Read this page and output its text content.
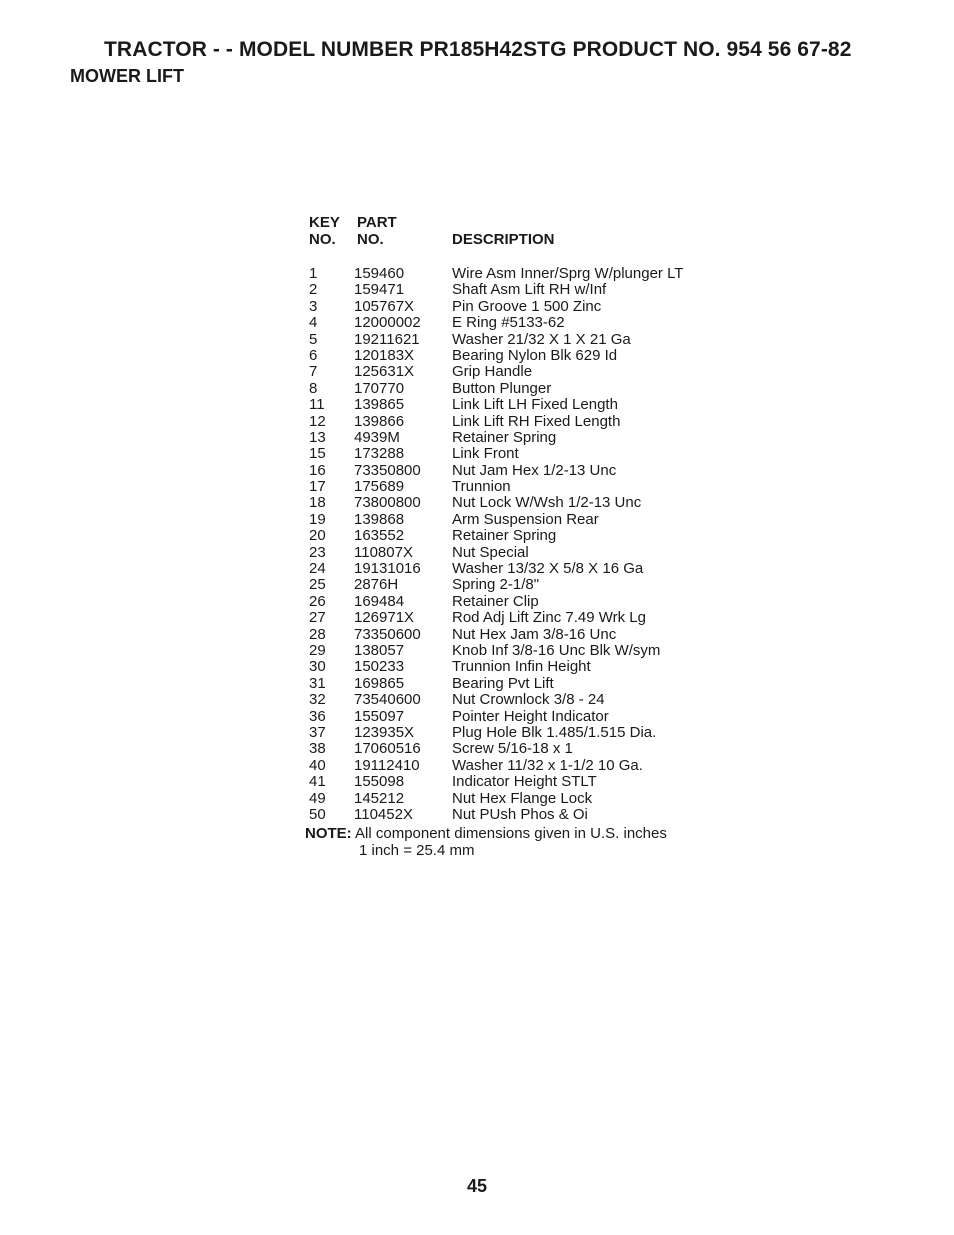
TRACTOR - - MODEL NUMBER PR185H42STG PRODUCT NO. 954 56 67-82
MOWER LIFT
KEY
NO.
PART
NO.	DESCRIPTION
1 159460	Wire Asm Inner/Sprg W/plunger LT
2 159471	Shaft Asm Lift RH w/Inf
3 105767X	Pin Groove 1 500 Zinc
4 12000002 E Ring #5133-62
5 19211621 Washer 21/32 X 1 X 21 Ga
6 120183X	Bearing Nylon Blk 629 Id
7 125631X	Grip Handle
8 170770	Button Plunger
11 139865	Link Lift LH Fixed Length
12 139866	Link Lift RH Fixed Length
13 4939M	Retainer Spring
15 173288	Link Front
16 73350800 Nut Jam Hex 1/2-13 Unc
17 175689	Trunnion
18 73800800 Nut Lock W/Wsh 1/2-13 Unc
19 139868	Arm Suspension Rear
20 163552	Retainer Spring
23 110807X	Nut Special
24 19131016 Washer 13/32 X 5/8 X 16 Ga
25 2876H	Spring 2-1/8"
26 169484	Retainer Clip
27 126971X	Rod Adj Lift Zinc 7.49 Wrk Lg
28 73350600 Nut Hex Jam 3/8-16 Unc
29 138057	Knob Inf 3/8-16 Unc Blk W/sym
30 150233	Trunnion Infin Height
31 169865	Bearing Pvt Lift
32 73540600 Nut Crownlock 3/8 - 24
36 155097	Pointer Height Indicator
37 123935X	Plug Hole Blk 1.485/1.515 Dia.
38 17060516 Screw 5/16-18 x 1
40 19112410 Washer 11/32 x 1-1/2 10 Ga.
41 155098	Indicator Height STLT
49 145212	Nut Hex Flange Lock
50 110452X	Nut PUsh Phos & Oi
NOTE: All component dimensions given in U.S. inches
1 inch = 25.4 mm
45
